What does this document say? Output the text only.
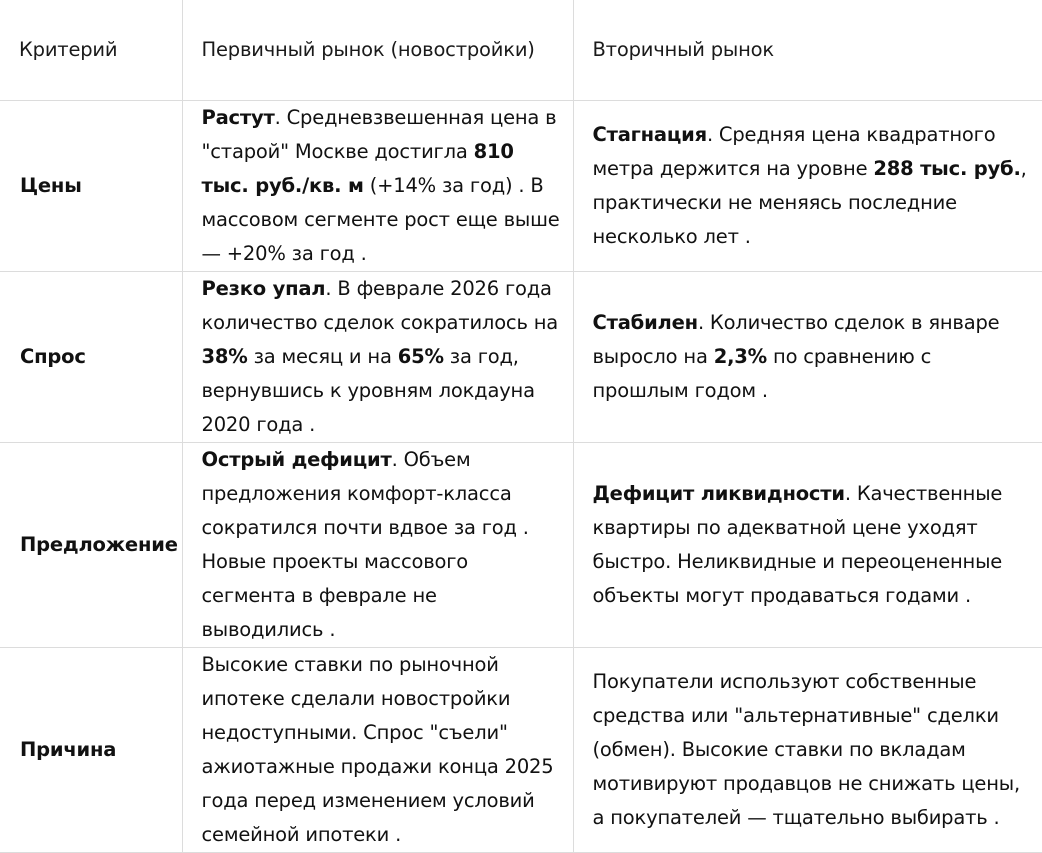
Критерий	Первичный рынок (новостройки)	Вторичный рынок
Цены	Растут. Средневзвешенная цена в "старой" Москве достигла 810 тыс. руб./кв. м (+14% за год) . В массовом сегменте рост еще выше — +20% за год .	Стагнация. Средняя цена квадратного метра держится на уровне 288 тыс. руб., практически не меняясь последние несколько лет .
Спрос	Резко упал. В феврале 2026 года количество сделок сократилось на 38% за месяц и на 65% за год, вернувшись к уровням локдауна 2020 года .	Стабилен. Количество сделок в январе выросло на 2,3% по сравнению с прошлым годом .
Предложение	Острый дефицит. Объем предложения комфорт-класса сократился почти вдвое за год . Новые проекты массового сегмента в феврале не выводились .	Дефицит ликвидности. Качественные квартиры по адекватной цене уходят быстро. Неликвидные и переоцененные объекты могут продаваться годами .
Причина	Высокие ставки по рыночной ипотеке сделали новостройки недоступными. Спрос "съели" ажиотажные продажи конца 2025 года перед изменением условий семейной ипотеки .	Покупатели используют собственные средства или "альтернативные" сделки (обмен). Высокие ставки по вкладам мотивируют продавцов не снижать цены, а покупателей — тщательно выбирать .
